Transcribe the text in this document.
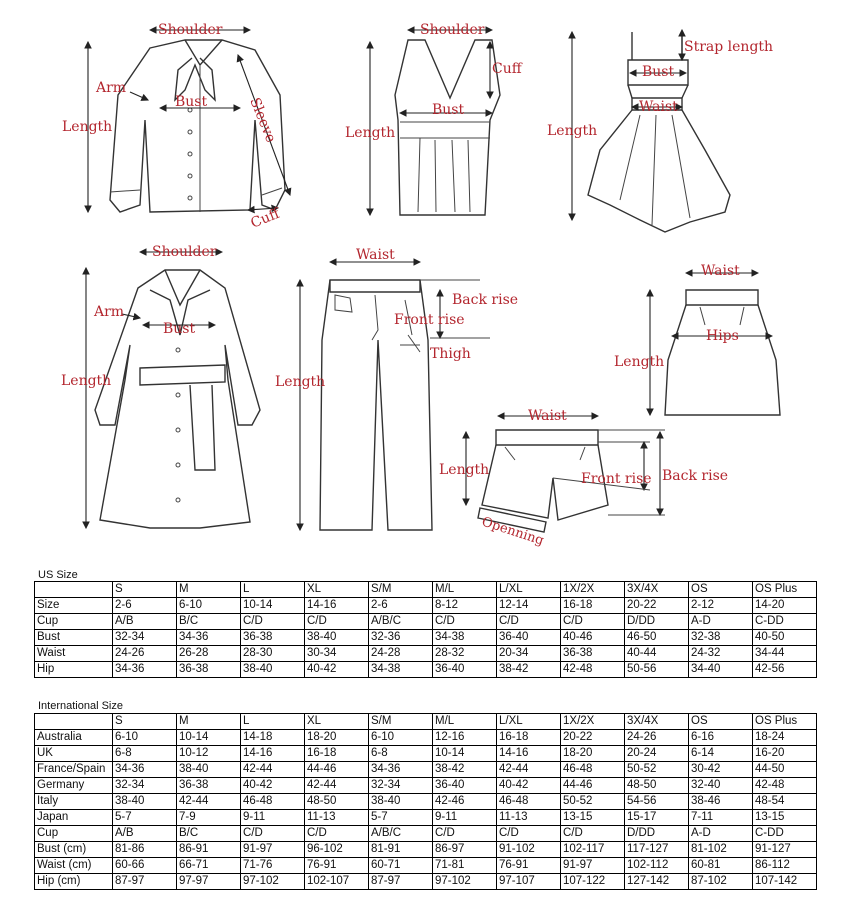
Shoulder
Arm
Bust
Length	Sleeve
Cuff
Shoulder
Cuff
Bust
Length
Strap length
Bust
Waist
Length
Shoulder
Arm
Bust
Length
Waist
Back rise
Front rise
Thigh
Length
Waist
Hips
Length
Waist
Length
Front rise Back rise
Openning
US Size
	S	M	L	XL	S/M	M/L	L/XL	1X/2X	3X/4X	OS	OS Plus
Size	2-6	6-10	10-14	14-16	2-6	8-12	12-14	16-18	20-22	2-12	14-20
Cup	A/B	B/C	C/D	C/D	A/B/C	C/D	C/D	C/D	D/DD	A-D	C-DD
Bust	32-34	34-36	36-38	38-40	32-36	34-38	36-40	40-46	46-50	32-38	40-50
Waist	24-26	26-28	28-30	30-34	24-28	28-32	20-34	36-38	40-44	24-32	34-44
Hip	34-36	36-38	38-40	40-42	34-38	36-40	38-42	42-48	50-56	34-40	42-56
International Size
	S	M	L	XL	S/M	M/L	L/XL	1X/2X	3X/4X	OS	OS Plus
Australia	6-10	10-14	14-18	18-20	6-10	12-16	16-18	20-22	24-26	6-16	18-24
UK	6-8	10-12	14-16	16-18	6-8	10-14	14-16	18-20	20-24	6-14	16-20
France/Spain	34-36	38-40	42-44	44-46	34-36	38-42	42-44	46-48	50-52	30-42	44-50
Germany	32-34	36-38	40-42	42-44	32-34	36-40	40-42	44-46	48-50	32-40	42-48
Italy	38-40	42-44	46-48	48-50	38-40	42-46	46-48	50-52	54-56	38-46	48-54
Japan	5-7	7-9	9-11	11-13	5-7	9-11	11-13	13-15	15-17	7-11	13-15
Cup	A/B	B/C	C/D	C/D	A/B/C	C/D	C/D	C/D	D/DD	A-D	C-DD
Bust (cm)	81-86	86-91	91-97	96-102	81-91	86-97	91-102	102-117	117-127	81-102	91-127
Waist (cm)	60-66	66-71	71-76	76-91	60-71	71-81	76-91	91-97	102-112	60-81	86-112
Hip (cm)	87-97	97-97	97-102	102-107	87-97	97-102	97-107	107-122	127-142	87-102	107-142
